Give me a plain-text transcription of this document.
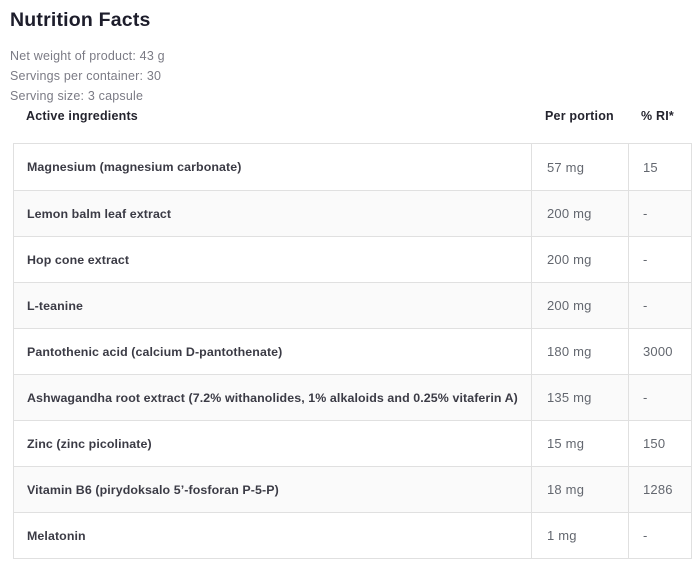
Nutrition Facts
Net weight of product: 43 g
Servings per container: 30
Serving size: 3 capsule
Active ingredients	Per portion	% RI*
Magnesium (magnesium carbonate)	57 mg	15
Lemon balm leaf extract	200 mg	-
Hop cone extract	200 mg	-
L-teanine	200 mg	-
Pantothenic acid (calcium D-pantothenate)	180 mg	3000
Ashwagandha root extract (7.2% withanolides, 1% alkaloids and 0.25% vitaferin A)	135 mg	-
Zinc (zinc picolinate)	15 mg	150
Vitamin B6 (pirydoksalo 5’-fosforan P-5-P)	18 mg	1286
Melatonin	1 mg	-
